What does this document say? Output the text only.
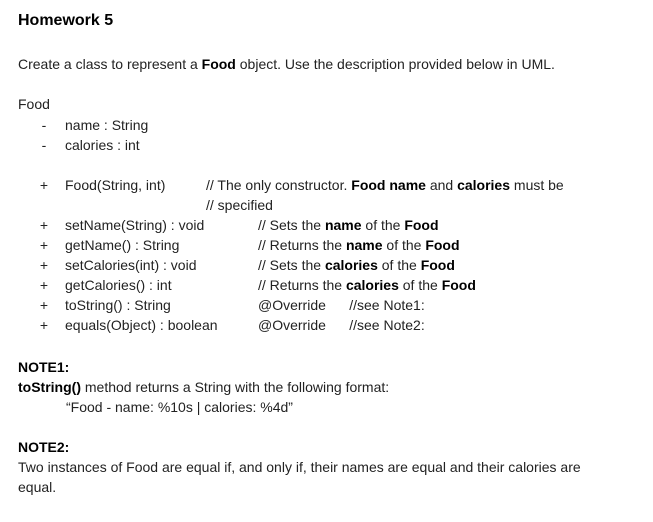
Homework 5
Create a class to represent a Food object. Use the description provided below in UML.
Food
- name : String
- calories : int
+ Food(String, int)	// The only constructor. Food name and calories must be
// specified
+ setName(String) : void	// Sets the name of the Food
+ getName() : String	// Returns the name of the Food
+ setCalories(int) : void	// Sets the calories of the Food
+ getCalories() : int	// Returns the calories of the Food
+ toString() : String	@Override      //see Note1:
+ equals(Object) : boolean	@Override      //see Note2:
NOTE1:
toString() method returns a String with the following format:
“Food - name: %10s | calories: %4d”
NOTE2:
Two instances of Food are equal if, and only if, their names are equal and their calories are
equal.
